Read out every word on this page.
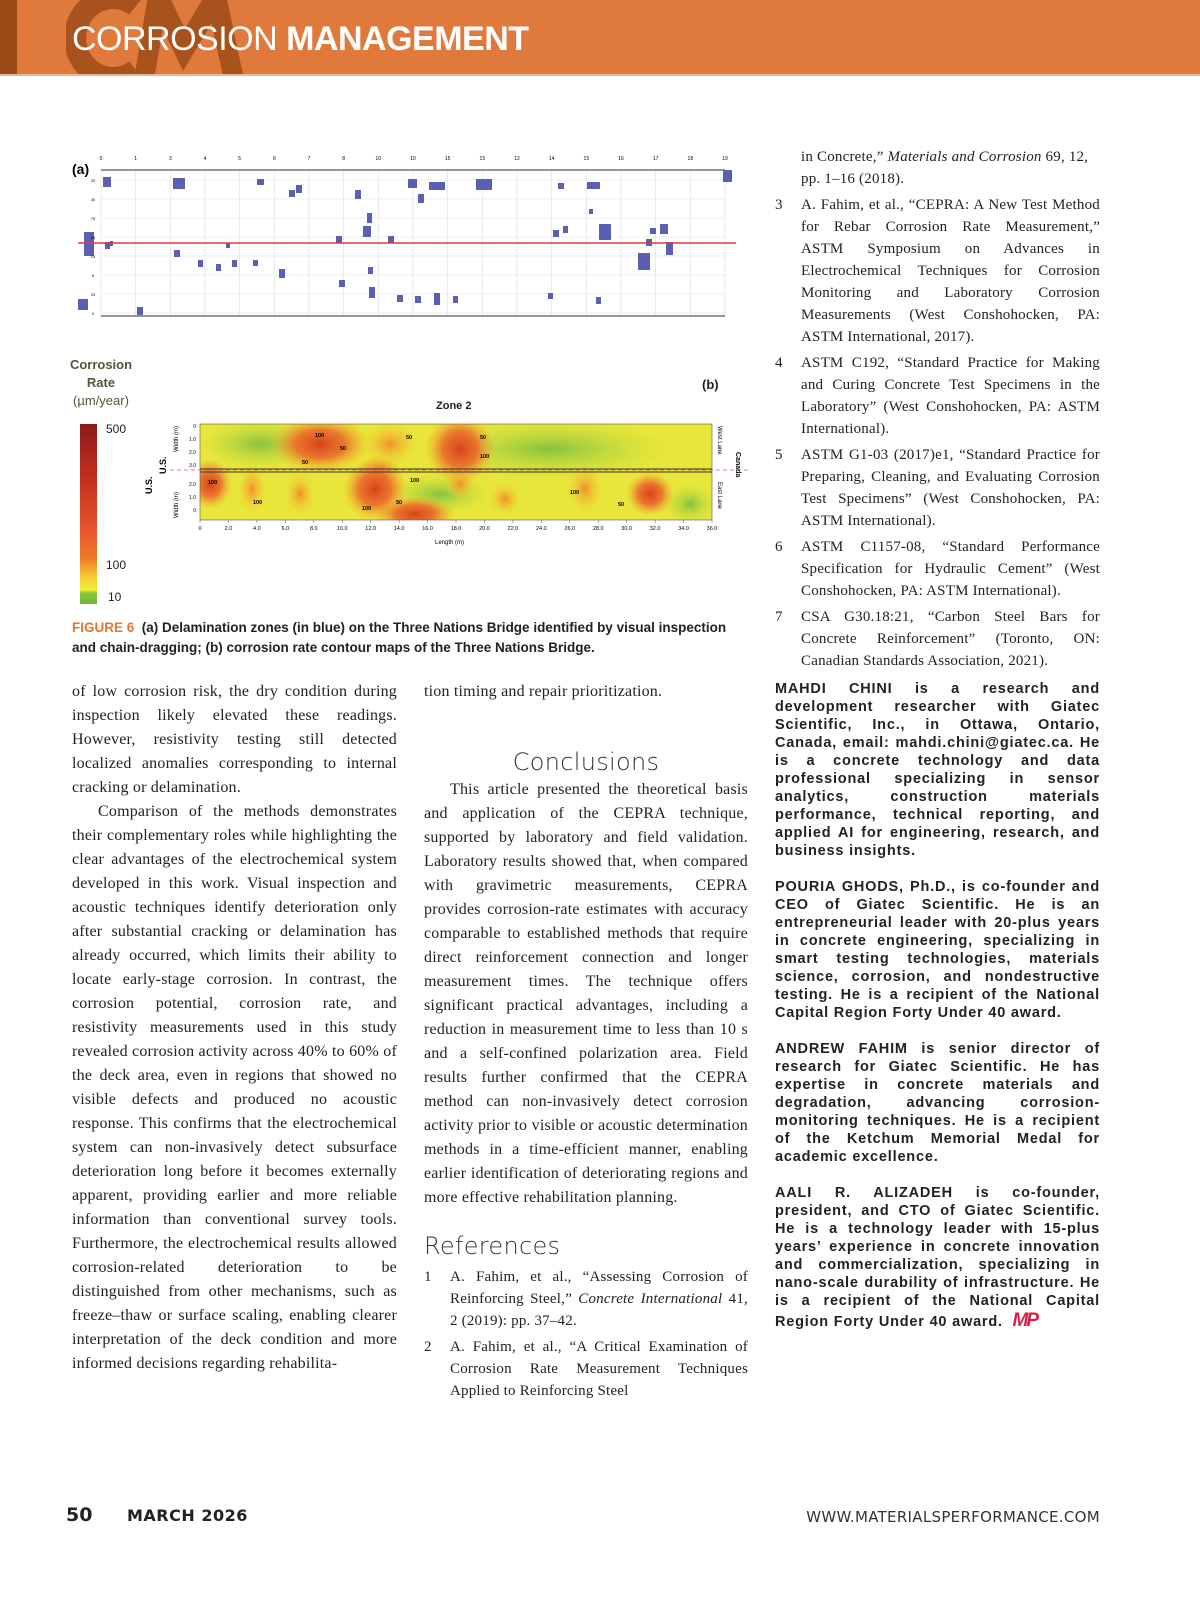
CORROSION MANAGEMENT
(a)
0	1	3	4	5	6	7	8	10	10	15	15	12	14	15	16	17	18	19
20
30
75
25
15
5
20
0
Corrosion
Rate
(µm/year)
500
100
10
(b)
Zone 2
U.S.
U.S.
Width (m)
Width (m)
0	2.0	4.0	6.0	8.0	10.0	12.0	14.0	16.0	18.0	20.0	22.0	24.0	26.0	28.0	30.0	32.0	34.0	36.0
0
1.0
2.0
3.0
2.0
1.0
0
100	50
50
50
100
100
50
100
100
50
100
50
100
West Lane
East Lane
Canada
Length (m)
FIGURE 6 (a) Delamination zones (in blue) on the Three Nations Bridge identified by visual inspection and chain-dragging; (b) corrosion rate contour maps of the Three Nations Bridge.

of low corrosion risk, the dry condition during inspection likely elevated these readings. However, resistivity testing still detected localized anomalies corresponding to internal cracking or delamination.

Comparison of the methods demonstrates their complementary roles while highlighting the clear advantages of the electrochemical system developed in this work. Visual inspection and acoustic techniques identify deterioration only after substantial cracking or delamination has already occurred, which limits their ability to locate early-stage corrosion. In contrast, the corrosion potential, corrosion rate, and resistivity measurements used in this study revealed corrosion activity across 40% to 60% of the deck area, even in regions that showed no visible defects and produced no acoustic response. This confirms that the electrochemical system can non-invasively detect subsurface deterioration long before it becomes externally apparent, providing earlier and more reliable information than conventional survey tools. Furthermore, the electrochemical results allowed corrosion-related deterioration to be distinguished from other mechanisms, such as freeze–thaw or surface scaling, enabling clearer interpretation of the deck condition and more informed decisions regarding rehabilita-

tion timing and repair prioritization.

Conclusions

This article presented the theoretical basis and application of the CEPRA technique, supported by laboratory and field validation. Laboratory results showed that, when compared with gravimetric measurements, CEPRA provides corrosion-rate estimates with accuracy comparable to established methods that require direct reinforcement connection and longer measurement times. The technique offers significant practical advantages, including a reduction in measurement time to less than 10 s and a self-confined polarization area. Field results further confirmed that the CEPRA method can non-invasively detect corrosion activity prior to visible or acoustic determination methods in a time-efficient manner, enabling earlier identification of deteriorating regions and more effective rehabilitation planning.

References
1	A. Fahim, et al., “Assessing Corrosion of Reinforcing Steel,” Concrete International 41, 2 (2019): pp. 37–42.
2	A. Fahim, et al., “A Critical Examination of Corrosion Rate Measurement Techniques Applied to Reinforcing Steel
in Concrete,” Materials and Corrosion 69, 12, pp. 1–16 (2018).
3	A. Fahim, et al., “CEPRA: A New Test Method for Rebar Corrosion Rate Measurement,” ASTM Symposium on Advances in Electrochemical Techniques for Corrosion Monitoring and Laboratory Corrosion Measurements (West Conshohocken, PA: ASTM International, 2017).
4	ASTM C192, “Standard Practice for Making and Curing Concrete Test Specimens in the Laboratory” (West Conshohocken, PA: ASTM International).
5	ASTM G1-03 (2017)e1, “Standard Practice for Preparing, Cleaning, and Evaluating Corrosion Test Specimens” (West Conshohocken, PA: ASTM International).
6	ASTM C1157-08, “Standard Performance Specification for Hydraulic Cement” (West Conshohocken, PA: ASTM International).
7	CSA G30.18:21, “Carbon Steel Bars for Concrete Reinforcement” (Toronto, ON: Canadian Standards Association, 2021).
MAHDI CHINI is a research and development researcher with Giatec Scientific, Inc., in Ottawa, Ontario, Canada, email: mahdi.chini@giatec.ca. He is a concrete technology and data professional specializing in sensor analytics, construction materials performance, technical reporting, and applied AI for engineering, research, and business insights.
POURIA GHODS, Ph.D., is co-founder and CEO of Giatec Scientific. He is an entrepreneurial leader with 20-plus years in concrete engineering, specializing in smart testing technologies, materials science, corrosion, and nondestructive testing. He is a recipient of the National Capital Region Forty Under 40 award.
ANDREW FAHIM is senior director of research for Giatec Scientific. He has expertise in concrete materials and degradation, advancing corrosion-monitoring techniques. He is a recipient of the Ketchum Memorial Medal for academic excellence.
AALI R. ALIZADEH is co-founder, president, and CTO of Giatec Scientific. He is a technology leader with 15-plus years’ experience in concrete innovation and commercialization, specializing in nano-scale durability of infrastructure. He is a recipient of the National Capital Region Forty Under 40 award. MP
50 MARCH 2026	WWW.MATERIALSPERFORMANCE.COM
